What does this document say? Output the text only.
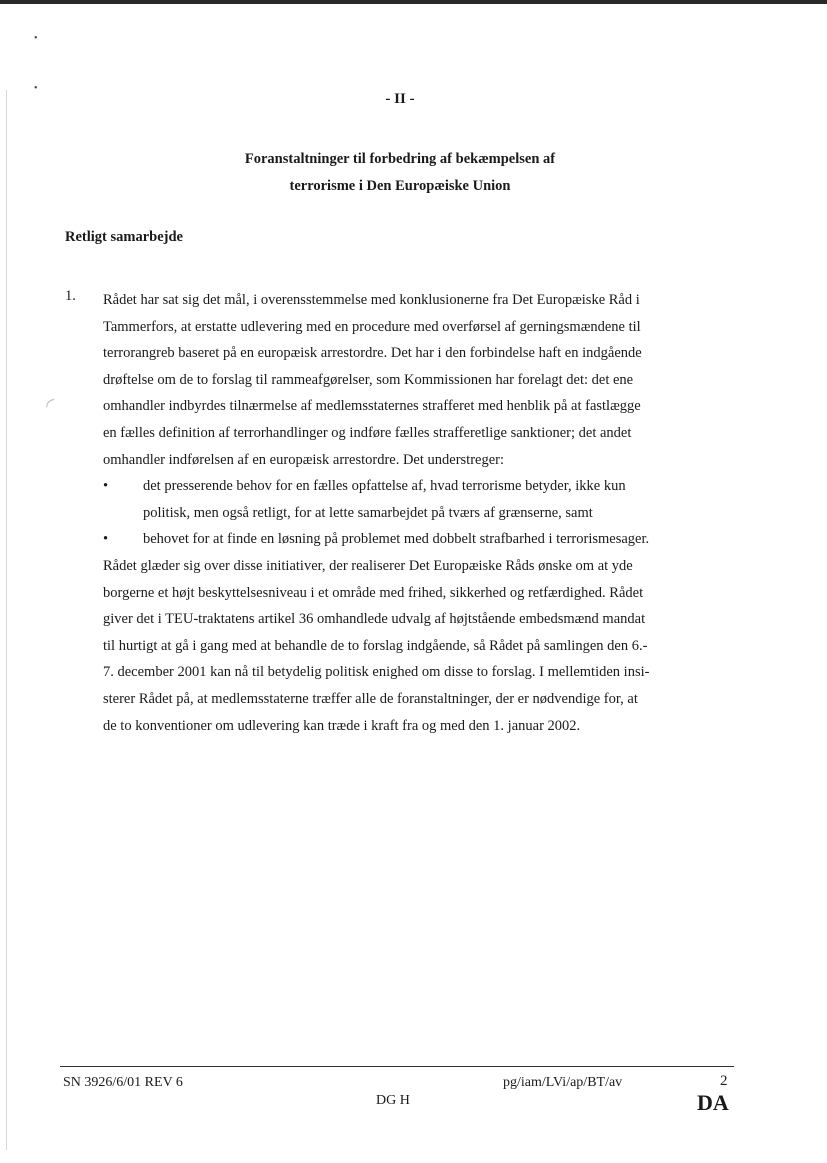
•
•
◜
- II -
Foranstaltninger til forbedring af bekæmpelsen af
terrorisme i Den Europæiske Union
Retligt samarbejde
1. Rådet har sat sig det mål, i overensstemmelse med konklusionerne fra Det Europæiske Råd i
Tammerfors, at erstatte udlevering med en procedure med overførsel af gerningsmændene til
terrorangreb baseret på en europæisk arrestordre. Det har i den forbindelse haft en indgående
drøftelse om de to forslag til rammeafgørelser, som Kommissionen har forelagt det: det ene
omhandler indbyrdes tilnærmelse af medlemsstaternes strafferet med henblik på at fastlægge
en fælles definition af terrorhandlinger og indføre fælles strafferetlige sanktioner; det andet
omhandler indførelsen af en europæisk arrestordre. Det understreger:
• det presserende behov for en fælles opfattelse af, hvad terrorisme betyder, ikke kun
politisk, men også retligt, for at lette samarbejdet på tværs af grænserne, samt
• behovet for at finde en løsning på problemet med dobbelt strafbarhed i terrorismesager.
Rådet glæder sig over disse initiativer, der realiserer Det Europæiske Råds ønske om at yde
borgerne et højt beskyttelsesniveau i et område med frihed, sikkerhed og retfærdighed. Rådet
giver det i TEU-traktatens artikel 36 omhandlede udvalg af højtstående embedsmænd mandat
til hurtigt at gå i gang med at behandle de to forslag indgående, så Rådet på samlingen den 6.-
7. december 2001 kan nå til betydelig politisk enighed om disse to forslag. I mellemtiden insi-
sterer Rådet på, at medlemsstaterne træffer alle de foranstaltninger, der er nødvendige for, at
de to konventioner om udlevering kan træde i kraft fra og med den 1. januar 2002.
SN 3926/6/01 REV 6
DG H
pg/iam/LVi/ap/BT/av	2
DA
